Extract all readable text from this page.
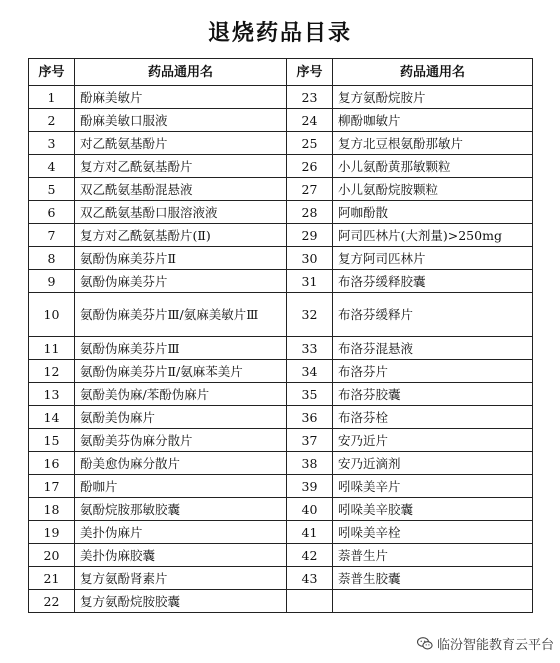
退烧药品目录
序号	药品通用名	序号	药品通用名
1	酚麻美敏片	23	复方氨酚烷胺片
2	酚麻美敏口服液	24	柳酚咖敏片
3	对乙酰氨基酚片	25	复方北豆根氨酚那敏片
4	复方对乙酰氨基酚片	26	小儿氨酚黄那敏颗粒
5	双乙酰氨基酚混悬液	27	小儿氨酚烷胺颗粒
6	双乙酰氨基酚口服溶液液	28	阿咖酚散
7	复方对乙酰氨基酚片(Ⅱ)	29	阿司匹林片(大剂量)>250mg
8	氨酚伪麻美芬片Ⅱ	30	复方阿司匹林片
9	氨酚伪麻美芬片	31	布洛芬缓释胶囊
10	氨酚伪麻美芬片Ⅲ/氨麻美敏片Ⅲ	32	布洛芬缓释片
11	氨酚伪麻美芬片Ⅲ	33	布洛芬混悬液
12	氨酚伪麻美芬片Ⅱ/氨麻苯美片	34	布洛芬片
13	氨酚美伪麻/苯酚伪麻片	35	布洛芬胶囊
14	氨酚美伪麻片	36	布洛芬栓
15	氨酚美芬伪麻分散片	37	安乃近片
16	酚美愈伪麻分散片	38	安乃近滴剂
17	酚咖片	39	吲哚美辛片
18	氨酚烷胺那敏胶囊	40	吲哚美辛胶囊
19	美扑伪麻片	41	吲哚美辛栓
20	美扑伪麻胶囊	42	萘普生片
21	复方氨酚肾素片	43	萘普生胶囊
22	复方氨酚烷胺胶囊		
临汾智能教育云平台
